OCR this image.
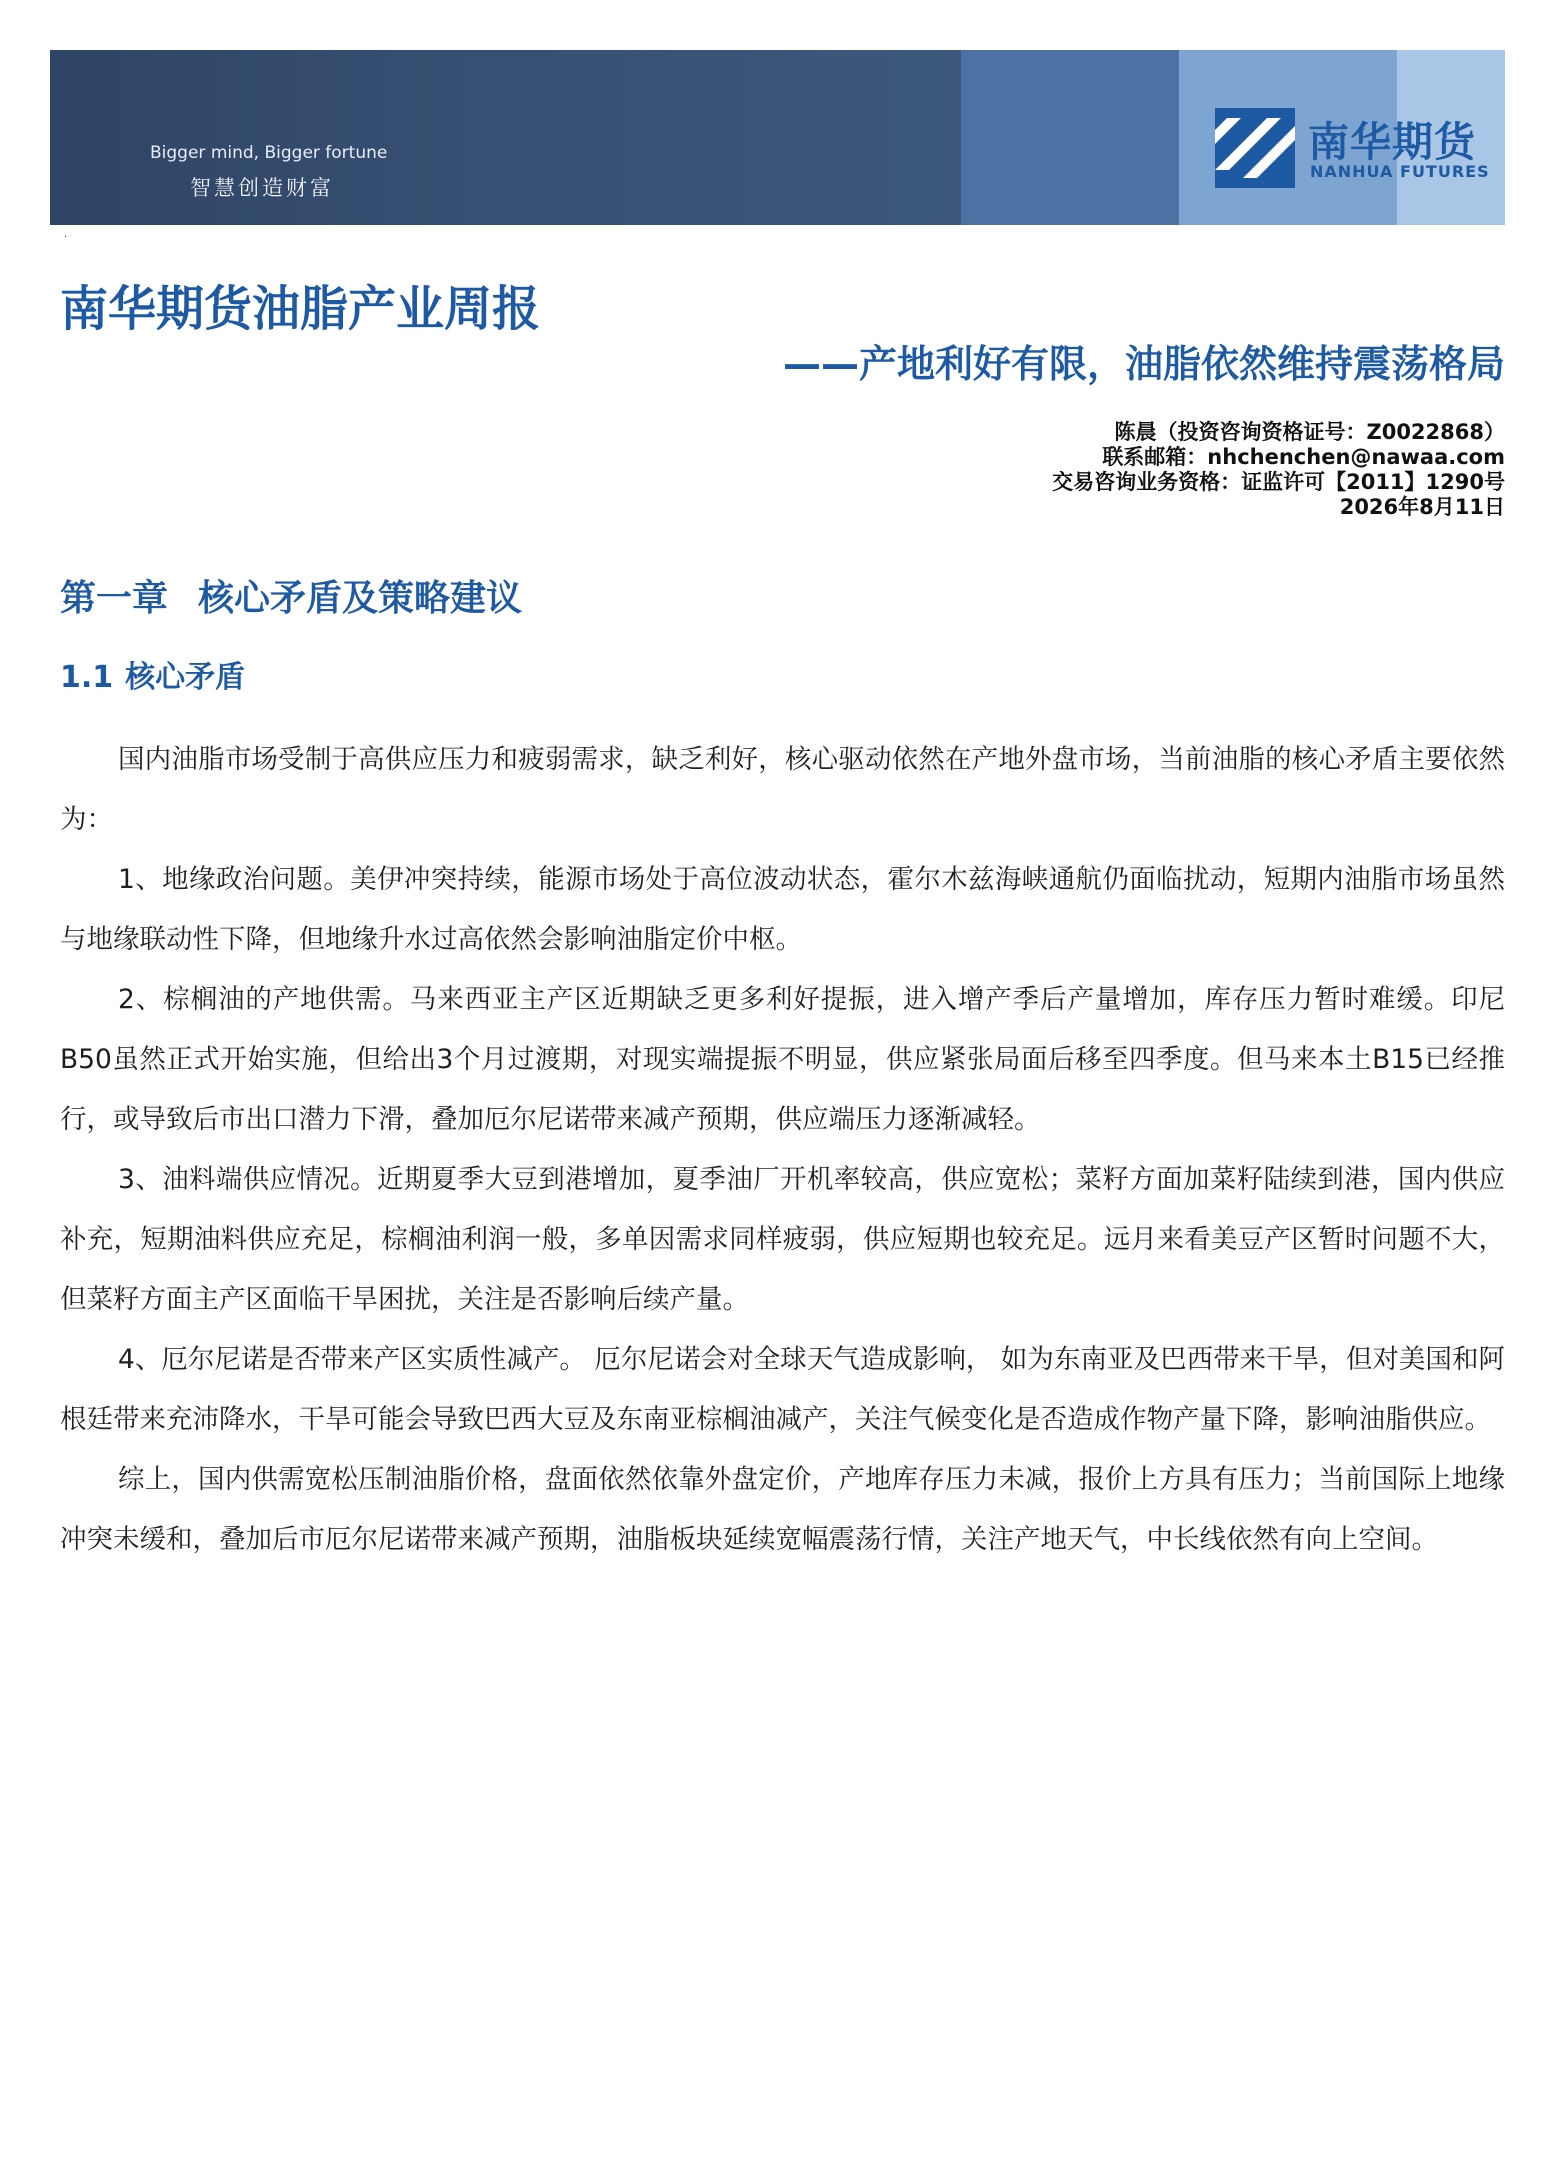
Bigger mind, Bigger fortune
智慧创造财富
南华期货
NANHUA FUTURES
·
南华期货油脂产业周报
——产地利好有限，油脂依然维持震荡格局
陈晨（投资咨询资格证号：Z0022868）
联系邮箱：nhchenchen@nawaa.com
交易咨询业务资格：证监许可【2011】1290号
2026年8月11日
第一章 核心矛盾及策略建议
1.1 核心矛盾

国内油脂市场受制于高供应压力和疲弱需求，缺乏利好，核心驱动依然在产地外盘市场，当前油脂的核心矛盾主要依然为：

1、地缘政治问题。美伊冲突持续，能源市场处于高位波动状态，霍尔木兹海峡通航仍面临扰动，短期内油脂市场虽然与地缘联动性下降，但地缘升水过高依然会影响油脂定价中枢。

2、棕榈油的产地供需。马来西亚主产区近期缺乏更多利好提振，进入增产季后产量增加，库存压力暂时难缓。印尼B50虽然正式开始实施，但给出3个月过渡期，对现实端提振不明显，供应紧张局面后移至四季度。但马来本土B15已经推行，或导致后市出口潜力下滑，叠加厄尔尼诺带来减产预期，供应端压力逐渐减轻。

3、油料端供应情况。近期夏季大豆到港增加，夏季油厂开机率较高，供应宽松；菜籽方面加菜籽陆续到港，国内供应补充，短期油料供应充足，棕榈油利润一般，多单因需求同样疲弱，供应短期也较充足。远月来看美豆产区暂时问题不大，但菜籽方面主产区面临干旱困扰，关注是否影响后续产量。

4、厄尔尼诺是否带来产区实质性减产。 厄尔尼诺会对全球天气造成影响， 如为东南亚及巴西带来干旱，但对美国和阿根廷带来充沛降水，干旱可能会导致巴西大豆及东南亚棕榈油减产，关注气候变化是否造成作物产量下降，影响油脂供应。

综上，国内供需宽松压制油脂价格，盘面依然依靠外盘定价，产地库存压力未减，报价上方具有压力；当前国际上地缘冲突未缓和，叠加后市厄尔尼诺带来减产预期，油脂板块延续宽幅震荡行情，关注产地天气，中长线依然有向上空间。
